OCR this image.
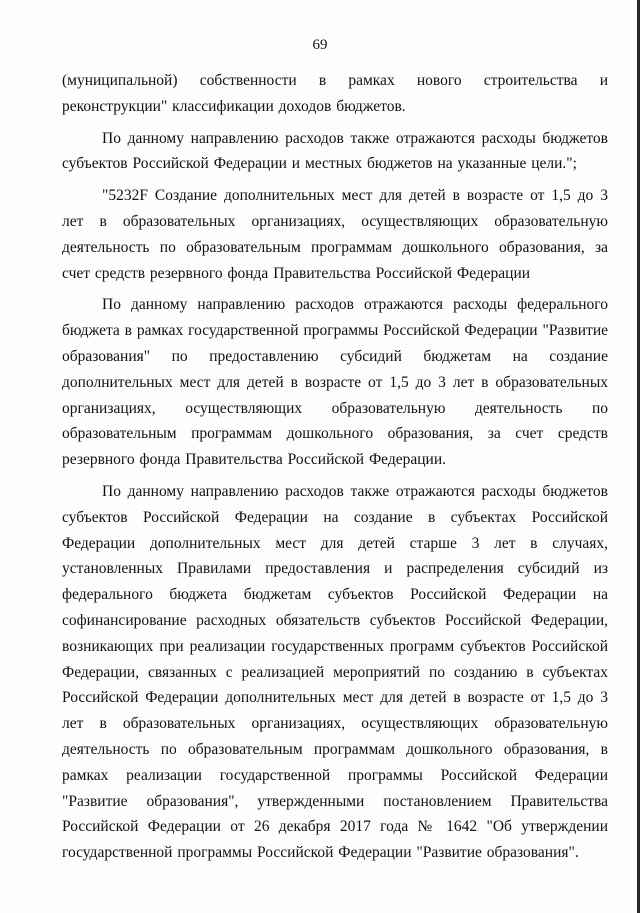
69

(муниципальной) собственности в рамках нового строительства и реконструкции" классификации доходов бюджетов.

По данному направлению расходов также отражаются расходы бюджетов субъектов Российской Федерации и местных бюджетов на указанные цели.";

"5232F Создание дополнительных мест для детей в возрасте от 1,5 до 3 лет в образовательных организациях, осуществляющих образовательную деятельность по образовательным программам дошкольного образования, за счет средств резервного фонда Правительства Российской Федерации

По данному направлению расходов отражаются расходы федерального бюджета в рамках государственной программы Российской Федерации "Развитие образования" по предоставлению субсидий бюджетам на создание дополнительных мест для детей в возрасте от 1,5 до 3 лет в образовательных организациях, осуществляющих образовательную деятельность по образовательным программам дошкольного образования, за счет средств резервного фонда Правительства Российской Федерации.

По данному направлению расходов также отражаются расходы бюджетов субъектов Российской Федерации на создание в субъектах Российской Федерации дополнительных мест для детей старше 3 лет в случаях, установленных Правилами предоставления и распределения субсидий из федерального бюджета бюджетам субъектов Российской Федерации на софинансирование расходных обязательств субъектов Российской Федерации, возникающих при реализации государственных программ субъектов Российской Федерации, связанных с реализацией мероприятий по созданию в субъектах Российской Федерации дополнительных мест для детей в возрасте от 1,5 до 3 лет в образовательных организациях, осуществляющих образовательную деятельность по образовательным программам дошкольного образования, в рамках реализации государственной программы Российской Федерации "Развитие образования", утвержденными постановлением Правительства Российской Федерации от 26 декабря 2017 года № 1642 "Об утверждении государственной программы Российской Федерации "Развитие образования".
